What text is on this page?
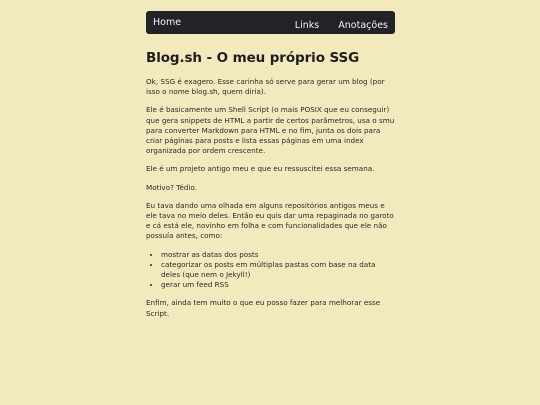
Home	Links Anotações
Blog.sh - O meu próprio SSG

Ok, SSG é exagero. Esse carinha só serve para gerar um blog (por isso o nome blog.sh, quem diria).

Ele é basicamente um Shell Script (o mais POSIX que eu conseguir) que gera snippets de HTML a partir de certos parâmetros, usa o smu para converter Markdown para HTML e no fim, junta os dois para criar páginas para posts e lista essas páginas em uma index organizada por ordem crescente.

Ele é um projeto antigo meu e que eu ressuscitei essa semana.

Motivo? Tédio.

Eu tava dando uma olhada em alguns repositórios antigos meus e ele tava no meio deles. Então eu quis dar uma repaginada no garoto e cá está ele, novinho em folha e com funcionalidades que ele não possuía antes, como:

• mostrar as datas dos posts
• categorizar os posts em múltiplas pastas com base na data deles (que nem o Jekyll!)
• gerar um feed RSS

Enfim, ainda tem muito o que eu posso fazer para melhorar esse Script.
